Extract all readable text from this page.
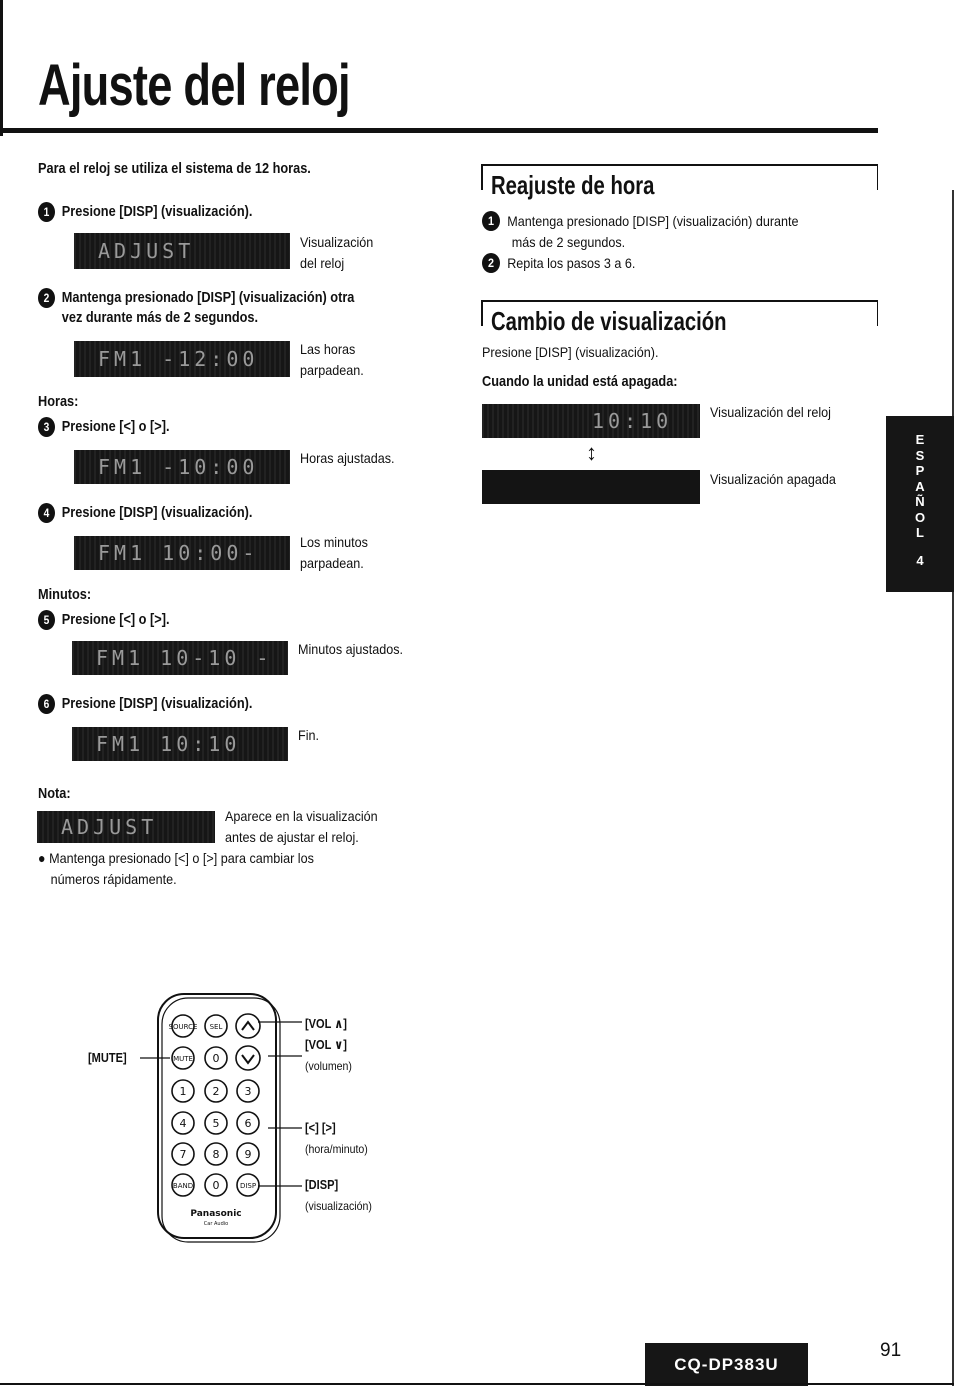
Ajuste del reloj
Para el reloj se utiliza el sistema de 12 horas.
1 Presione [DISP] (visualización).
ADJUST	Visualización
del reloj
2 Mantenga presionado [DISP] (visualización) otra
vez durante más de 2 segundos.
FM1 -12:00	Las horas
parpadean.
Horas:
3 Presione [<] o [>].
FM1 -10:00	Horas ajustadas.
4 Presione [DISP] (visualización).
FM1 10:00-	Los minutos
parpadean.
Minutos:
5 Presione [<] o [>].
FM1 10-10 -	Minutos ajustados.
6 Presione [DISP] (visualización).
FM1 10:10	Fin.
Nota:
ADJUST	Aparece en la visualización
antes de ajustar el reloj.
● Mantenga presionado [<] o [>] para cambiar los
números rápidamente.
Reajuste de hora
1 Mantenga presionado [DISP] (visualización) durante
más de 2 segundos.
2 Repita los pasos 3 a 6.
Cambio de visualización
Presione [DISP] (visualización).
Cuando la unidad está apagada:
10:10	Visualización del reloj
↕
Visualización apagada
E
S
P
A
Ñ
O
L
4
SOURCE SEL
MUTE 0
1 2 3
4 5 6
7 8 9
BAND 0	DISP
Panasonic
Car Audio
[MUTE]
[VOL ∧]
[VOL ∨]
(volumen)
[<] [>]
(hora/minuto)
[DISP]
(visualización)
CQ-DP383U
91
